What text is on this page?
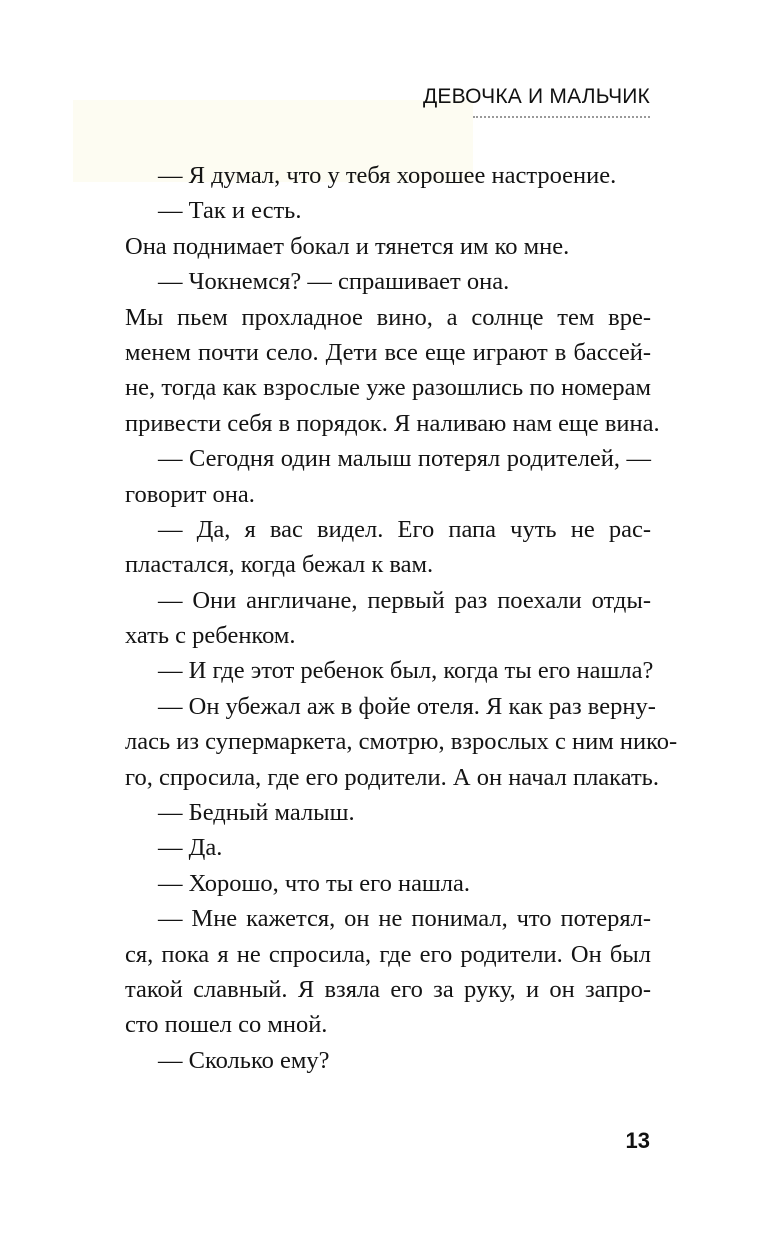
ДЕВОЧКА И МАЛЬЧИК
— Я думал, что у тебя хорошее настроение.
— Так и есть.
Она поднимает бокал и тянется им ко мне.
— Чокнемся? — спрашивает она.
Мы пьем прохладное вино, а солнце тем вре-
менем почти село. Дети все еще играют в бассей-
не, тогда как взрослые уже разошлись по номерам
привести себя в порядок. Я наливаю нам еще вина.
— Сегодня один малыш потерял родителей, —
говорит она.
— Да, я вас видел. Его папа чуть не рас-
пластался, когда бежал к вам.
— Они англичане, первый раз поехали отды-
хать с ребенком.
— И где этот ребенок был, когда ты его нашла?
— Он убежал аж в фойе отеля. Я как раз верну-
лась из супермаркета, смотрю, взрослых с ним нико-
го, спросила, где его родители. А он начал плакать.
— Бедный малыш.
— Да.
— Хорошо, что ты его нашла.
— Мне кажется, он не понимал, что потерял-
ся, пока я не спросила, где его родители. Он был
такой славный. Я взяла его за руку, и он запро-
сто пошел со мной.
— Сколько ему?
13
